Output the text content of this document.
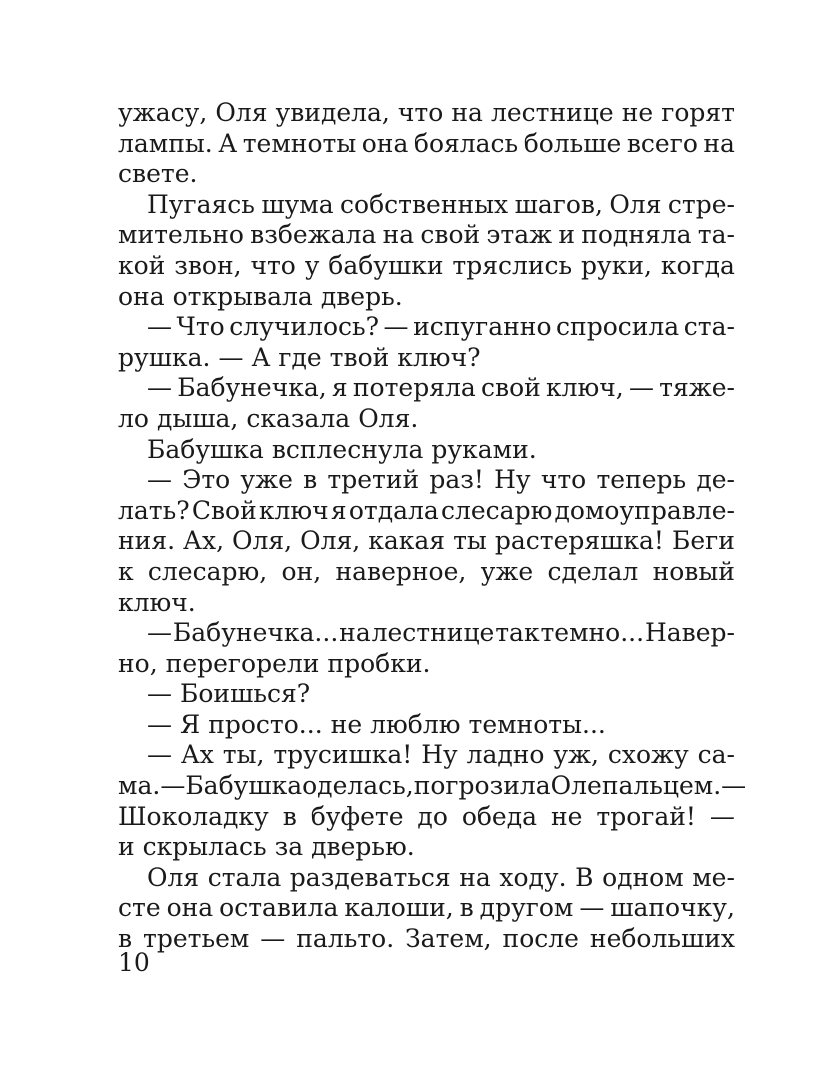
ужасу, Оля увидела, что на лестнице не горят
лампы. А темноты она боялась больше всего на
свете.
Пугаясь шума собственных шагов, Оля стре-
мительно взбежала на свой этаж и подняла та-
кой звон, что у бабушки тряслись руки, когда
она открывала дверь.
— Что случилось? — испуганно спросила ста-
рушка. — А где твой ключ?
— Бабунечка, я потеряла свой ключ, — тяже-
ло дыша, сказала Оля.
Бабушка всплеснула руками.
— Это уже в третий раз! Ну что теперь де-
лать? Свой ключ я отдала слесарю домоуправле-
ния. Ах, Оля, Оля, какая ты растеряшка! Беги
к слесарю, он, наверное, уже сделал новый
ключ.
— Бабунечка... на лестнице так темно... Навер-
но, перегорели пробки.
— Боишься?
— Я просто... не люблю темноты...
— Ах ты, трусишка! Ну ладно уж, схожу са-
ма. — Бабушка оделась, погрозила Оле пальцем. —
Шоколадку в буфете до обеда не трогай! —
и скрылась за дверью.
Оля стала раздеваться на ходу. В одном ме-
сте она оставила калоши, в другом — шапочку,
в третьем — пальто. Затем, после небольших
10
